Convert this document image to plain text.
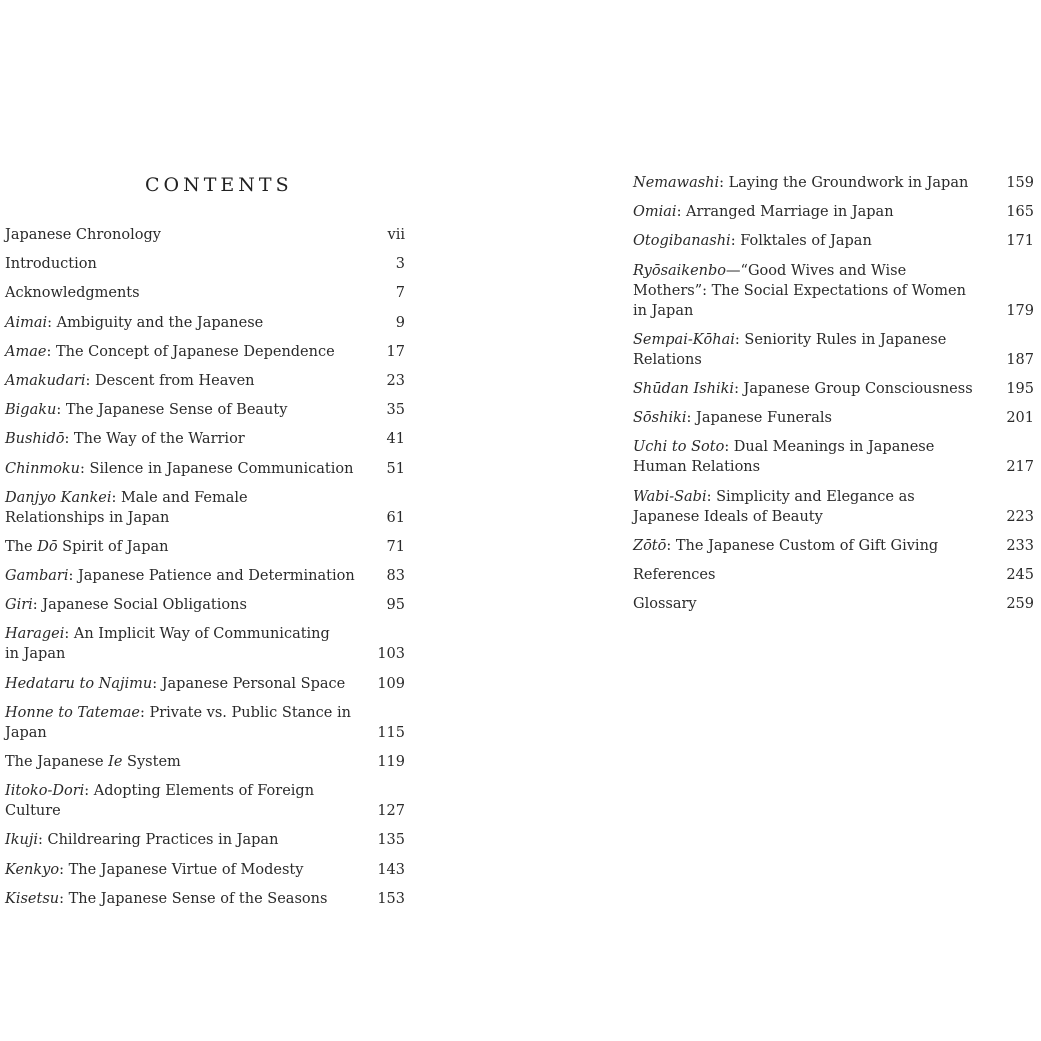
CONTENTS
Japanese Chronology	vii
Introduction	3
Acknowledgments	7
Aimai: Ambiguity and the Japanese	9
Amae: The Concept of Japanese Dependence	17
Amakudari: Descent from Heaven	23
Bigaku: The Japanese Sense of Beauty	35
Bushidō: The Way of the Warrior	41
Chinmoku: Silence in Japanese Communication	51
Danjyo Kankei: Male and Female Relationships in Japan	61
The Dō Spirit of Japan	71
Gambari: Japanese Patience and Determination	83
Giri: Japanese Social Obligations	95
Haragei: An Implicit Way of Communicating in Japan	103
Hedataru to Najimu: Japanese Personal Space	109
Honne to Tatemae: Private vs. Public Stance in Japan	115
The Japanese Ie System	119
Iitoko-Dori: Adopting Elements of Foreign Culture	127
Ikuji: Childrearing Practices in Japan	135
Kenkyo: The Japanese Virtue of Modesty	143
Kisetsu: The Japanese Sense of the Seasons	153
Nemawashi: Laying the Groundwork in Japan	159
Omiai: Arranged Marriage in Japan	165
Otogibanashi: Folktales of Japan	171
Ryōsaikenbo—“Good Wives and Wise Mothers”: The Social Expectations of Women in Japan	179
Sempai-Kōhai: Seniority Rules in Japanese Relations	187
Shūdan Ishiki: Japanese Group Consciousness	195
Sōshiki: Japanese Funerals	201
Uchi to Soto: Dual Meanings in Japanese Human Relations	217
Wabi-Sabi: Simplicity and Elegance as Japanese Ideals of Beauty	223
Zōtō: The Japanese Custom of Gift Giving	233
References	245
Glossary	259
